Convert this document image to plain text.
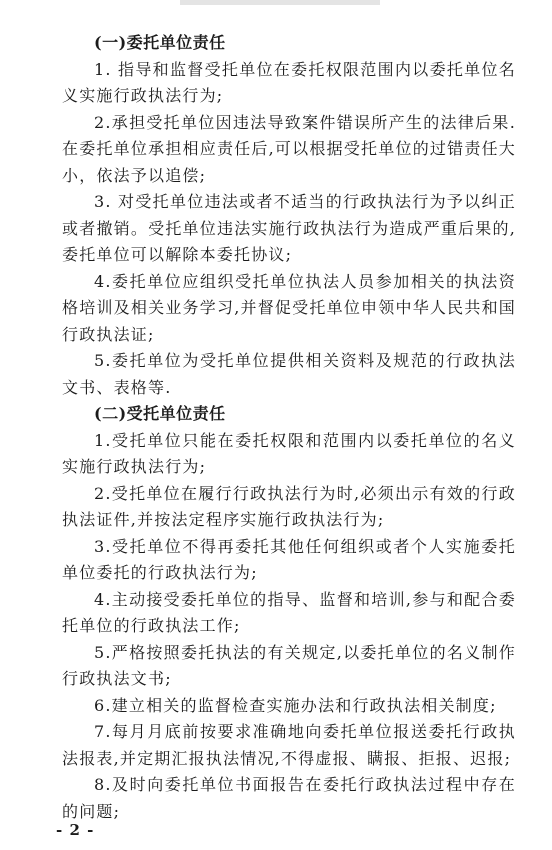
(一)委托单位责任

1. 指导和监督受托单位在委托权限范围内以委托单位名义实施行政执法行为;

2.承担受托单位因违法导致案件错误所产生的法律后果.在委托单位承担相应责任后,可以根据受托单位的过错责任大小，依法予以追偿;

3. 对受托单位违法或者不适当的行政执法行为予以纠正或者撤销。受托单位违法实施行政执法行为造成严重后果的,委托单位可以解除本委托协议;

4.委托单位应组织受托单位执法人员参加相关的执法资格培训及相关业务学习,并督促受托单位申领中华人民共和国行政执法证;

5.委托单位为受托单位提供相关资料及规范的行政执法文书、表格等.

(二)受托单位责任

1.受托单位只能在委托权限和范围内以委托单位的名义实施行政执法行为;

2.受托单位在履行行政执法行为时,必须出示有效的行政执法证件,并按法定程序实施行政执法行为;

3.受托单位不得再委托其他任何组织或者个人实施委托单位委托的行政执法行为;

4.主动接受委托单位的指导、监督和培训,参与和配合委托单位的行政执法工作;

5.严格按照委托执法的有关规定,以委托单位的名义制作行政执法文书;

6.建立相关的监督检查实施办法和行政执法相关制度;

7.每月月底前按要求准确地向委托单位报送委托行政执法报表,并定期汇报执法情况,不得虚报、瞒报、拒报、迟报;

8.及时向委托单位书面报告在委托行政执法过程中存在的问题;

- 2 -
